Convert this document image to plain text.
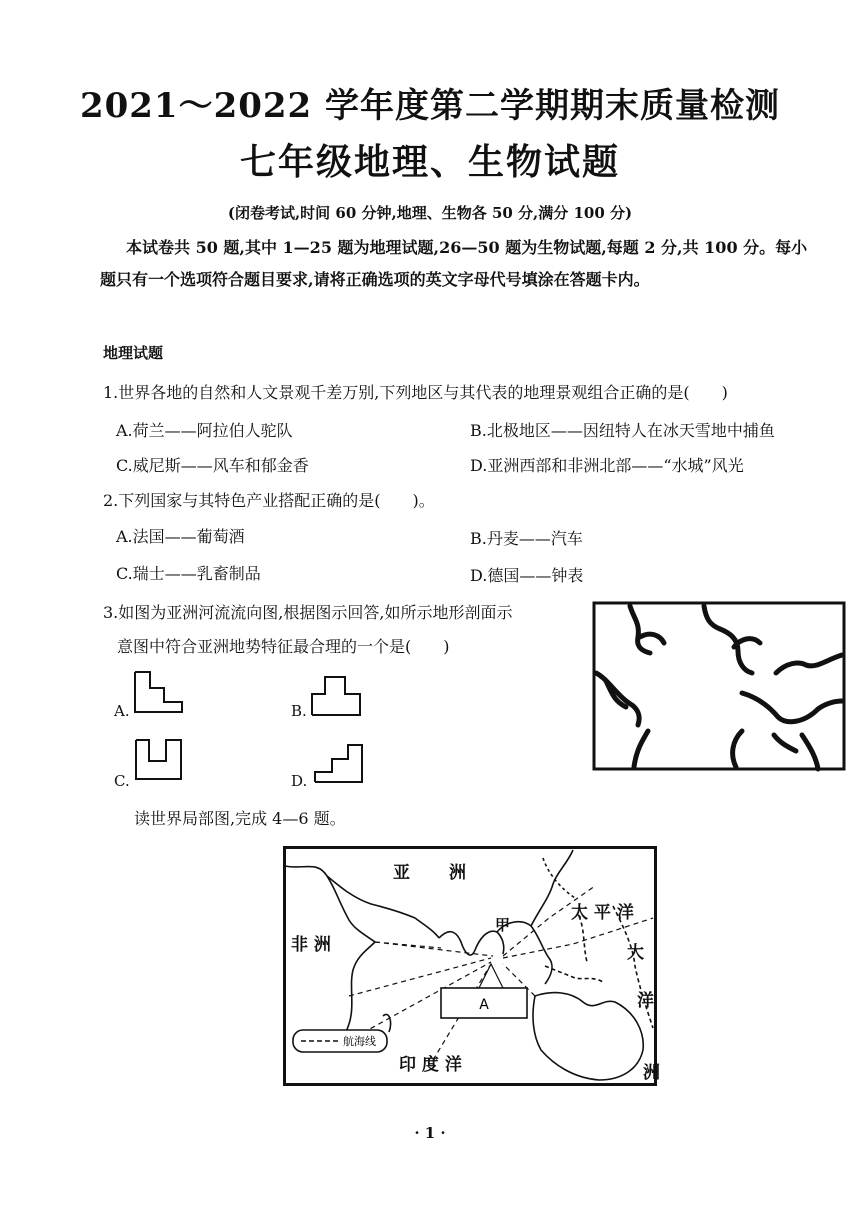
2021～2022 学年度第二学期期末质量检测
七年级地理、生物试题
(闭卷考试,时间 60 分钟,地理、生物各 50 分,满分 100 分)
本试卷共 50 题,其中 1—25 题为地理试题,26—50 题为生物试题,每题 2 分,共 100 分。每小
题只有一个选项符合题目要求,请将正确选项的英文字母代号填涂在答题卡内。
地理试题
1.世界各地的自然和人文景观千差万别,下列地区与其代表的地理景观组合正确的是(　　)
A.荷兰——阿拉伯人驼队	B.北极地区——因纽特人在冰天雪地中捕鱼
C.威尼斯——风车和郁金香	D.亚洲西部和非洲北部——“水城”风光
2.下列国家与其特色产业搭配正确的是(　　)。
A.法国——葡萄酒	B.丹麦——汽车
C.瑞士——乳畜制品	D.德国——钟表
3.如图为亚洲河流流向图,根据图示回答,如所示地形剖面示
意图中符合亚洲地势特征最合理的一个是(　　)
A.	B.
C.	D.
读世界局部图,完成 4—6 题。
A
航海线
亚 洲
非 洲
太 平 洋
大
洋
洲
印 度 洋
甲
· 1 ·
